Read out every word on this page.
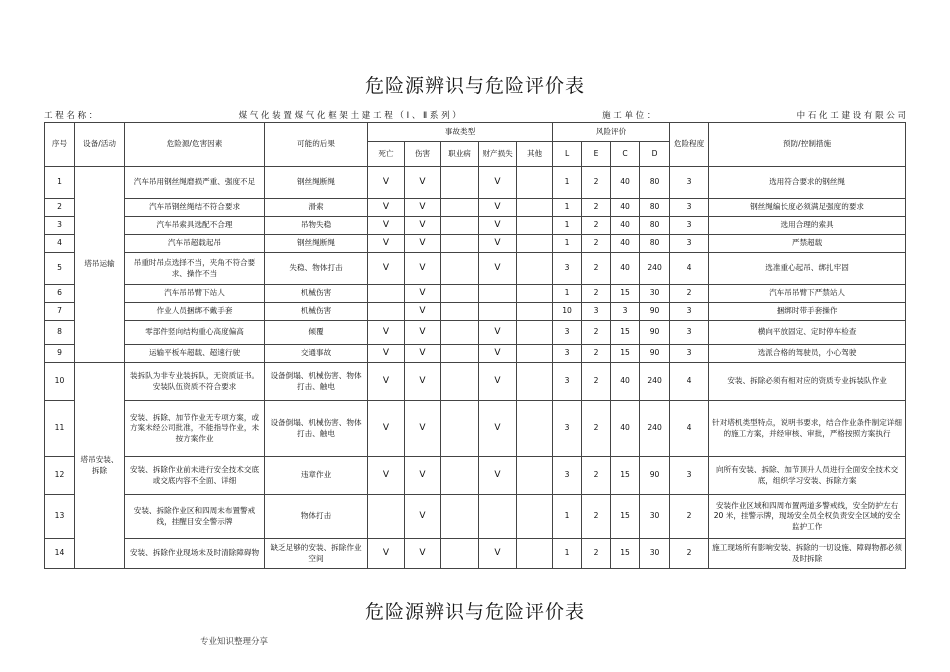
危险源辨识与危险评价表
工 程 名 称 ：	煤 气 化 装 置 煤 气 化 框 架 土 建 工 程 （ Ⅰ 、 Ⅱ 系 列 ）	施 工 单 位 ：	中 石 化 工 建 设 有 限 公 司
序号	设备/活动	危险源/危害因素	可能的后果	事故类型					风险评价				危险程度	预防/控制措施
				死亡	伤害	职业病	财产损失	其他	L	E	C	D		
1	塔吊运输	汽车吊用钢丝绳磨损严重、强度不足	钢丝绳断绳	V	V		V		1	2	40	80	3	选用符合要求的钢丝绳
2		汽车吊钢丝绳结不符合要求	滑索	V	V		V		1	2	40	80	3	钢丝绳编长度必须满足强度的要求
3		汽车吊索具选配不合理	吊物失稳	V	V		V		1	2	40	80	3	选用合理的索具
4		汽车吊超载起吊	钢丝绳断绳	V	V		V		1	2	40	80	3	严禁超载
5		吊重时吊点选择不当，夹角不符合要求、操作不当	失稳、物体打击	V	V		V		3	2	40	240	4	选准重心起吊、绑扎牢固
6		汽车吊吊臂下站人	机械伤害		V				1	2	15	30	2	汽车吊吊臂下严禁站人
7		作业人员捆绑不戴手套	机械伤害		V				10	3	3	90	3	捆绑时带手套操作
8		零部件竖向结构重心高度偏高	倾覆	V	V		V		3	2	15	90	3	横向平放固定、定时停车检查
9		运输平板车超载、超速行驶	交通事故	V	V		V		3	2	15	90	3	选派合格的驾驶员，小心驾驶
10	塔吊安装、拆除	装拆队为非专业装拆队，无资质证书。安装队伍资质不符合要求	设备倒塌、机械伤害、物体打击、触电	V	V		V		3	2	40	240	4	安装、拆除必须有相对应的资质专业拆装队作业
11		安装、拆除、加节作业无专项方案，或方案未经公司批准，不能指导作业，未按方案作业	设备倒塌、机械伤害、物体打击、触电	V	V		V		3	2	40	240	4	针对塔机类型特点，说明书要求，结合作业条件制定详细的施工方案，并经审核、审批，严格按照方案执行
12		安装、拆除作业前未进行安全技术交底或交底内容不全面、详细	违章作业	V	V		V		3	2	15	90	3	向所有安装、拆除、加节顶升人员进行全面安全技术交底，组织学习安装、拆除方案
13		安装、拆除作业区和四周未布置警戒线，挂醒目安全警示牌	物体打击		V				1	2	15	30	2	安装作业区域和四周布置两道多警戒线，安全防护左右 20 米，挂警示牌，现场安全员全权负责安全区域的安全监护工作
14		安装、拆除作业现场未及时清除障碍物	缺乏足够的安装、拆除作业空间	V	V		V		1	2	15	30	2	施工现场所有影响安装、拆除的一切设施、障碍物都必须及时拆除
危险源辨识与危险评价表
专业知识整理分享
